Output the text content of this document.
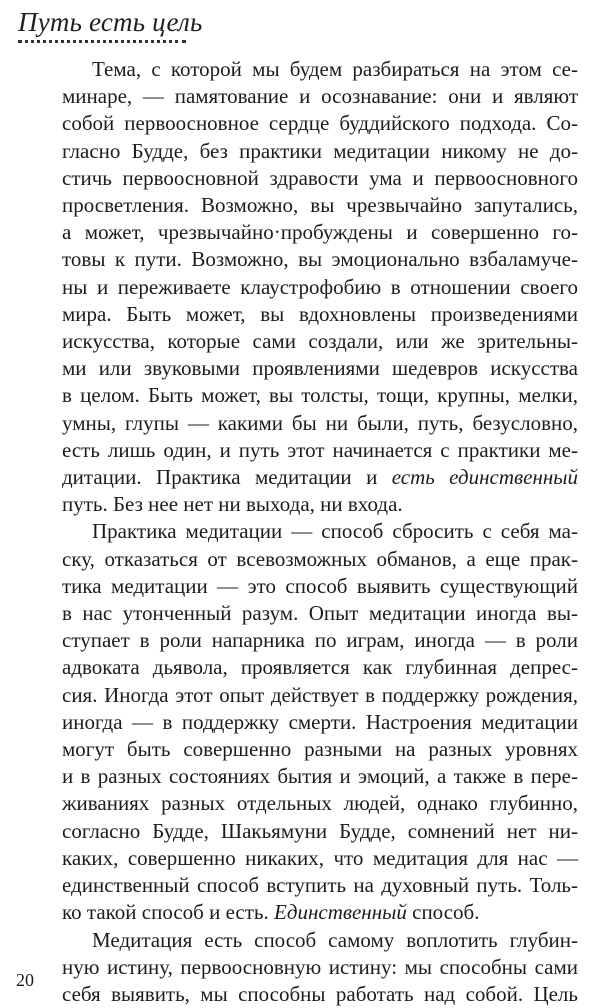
Путь есть цель
Тема, с которой мы будем разбираться на этом се-
минаре, — памятование и осознавание: они и являют
собой первоосновное сердце буддийского подхода. Со-
гласно Будде, без практики медитации никому не до-
стичь первоосновной здравости ума и первоосновного
просветления. Возможно, вы чрезвычайно запутались,
а может, чрезвычайно·пробуждены и совершенно го-
товы к пути. Возможно, вы эмоционально взбаламуче-
ны и переживаете клаустрофобию в отношении своего
мира. Быть может, вы вдохновлены произведениями
искусства, которые сами создали, или же зрительны-
ми или звуковыми проявлениями шедевров искусства
в целом. Быть может, вы толсты, тощи, крупны, мелки,
умны, глупы — какими бы ни были, путь, безусловно,
есть лишь один, и путь этот начинается с практики ме-
дитации. Практика медитации и есть единственный
путь. Без нее нет ни выхода, ни входа.
Практика медитации — способ сбросить с себя ма-
ску, отказаться от всевозможных обманов, а еще прак-
тика медитации — это способ выявить существующий
в нас утонченный разум. Опыт медитации иногда вы-
ступает в роли напарника по играм, иногда — в роли
адвоката дьявола, проявляется как глубинная депрес-
сия. Иногда этот опыт действует в поддержку рождения,
иногда — в поддержку смерти. Настроения медитации
могут быть совершенно разными на разных уровнях
и в разных состояниях бытия и эмоций, а также в пере-
живаниях разных отдельных людей, однако глубинно,
согласно Будде, Шакьямуни Будде, сомнений нет ни-
каких, совершенно никаких, что медитация для нас —
единственный способ вступить на духовный путь. Толь-
ко такой способ и есть. Единственный способ.
Медитация есть способ самому воплотить глубин-
ную истину, первоосновную истину: мы способны сами
себя выявить, мы способны работать над собой. Цель
20
